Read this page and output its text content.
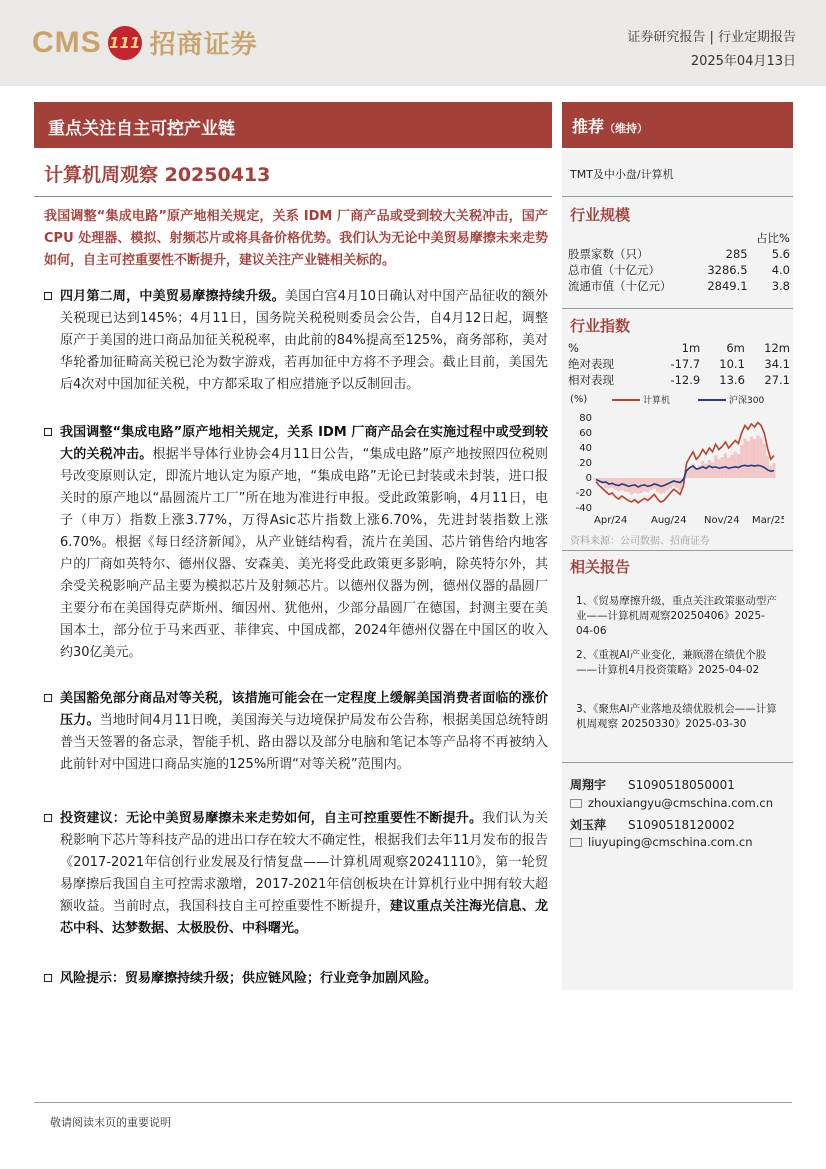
CMS 111 招商证券	证券研究报告 | 行业定期报告
2025年04月13日
重点关注自主可控产业链
计算机周观察 20250413
我国调整“集成电路”原产地相关规定，关系 IDM 厂商产品或受到较大关税冲击，国产 CPU 处理器、模拟、射频芯片或将具备价格优势。我们认为无论中美贸易摩擦未来走势如何，自主可控重要性不断提升，建议关注产业链相关标的。
四月第二周，中美贸易摩擦持续升级。美国白宫4月10日确认对中国产品征收的额外关税现已达到145%；4月11日，国务院关税税则委员会公告，自4月12日起，调整原产于美国的进口商品加征关税税率，由此前的84%提高至125%，商务部称，美对华轮番加征畸高关税已沦为数字游戏，若再加征中方将不予理会。截止目前，美国先后4次对中国加征关税，中方都采取了相应措施予以反制回击。
我国调整“集成电路”原产地相关规定，关系 IDM 厂商产品会在实施过程中或受到较大的关税冲击。根据半导体行业协会4月11日公告，“集成电路”原产地按照四位税则号改变原则认定，即流片地认定为原产地，“集成电路”无论已封装或未封装，进口报关时的原产地以“晶圆流片工厂”所在地为准进行申报。受此政策影响，4月11日，电子（申万）指数上涨3.77%，万得Asic芯片指数上涨6.70%，先进封装指数上涨6.70%。根据《每日经济新闻》，从产业链结构看，流片在美国、芯片销售给内地客户的厂商如英特尔、德州仪器、安森美、美光将受此政策更多影响，除英特尔外，其余受关税影响产品主要为模拟芯片及射频芯片。以德州仪器为例，德州仪器的晶圆厂主要分布在美国得克萨斯州、缅因州、犹他州，少部分晶圆厂在德国，封测主要在美国本土，部分位于马来西亚、菲律宾、中国成都，2024年德州仪器在中国区的收入约30亿美元。
美国豁免部分商品对等关税，该措施可能会在一定程度上缓解美国消费者面临的涨价压力。当地时间4月11日晚，美国海关与边境保护局发布公告称，根据美国总统特朗普当天签署的备忘录，智能手机、路由器以及部分电脑和笔记本等产品将不再被纳入此前针对中国进口商品实施的125%所谓“对等关税”范围内。
投资建议：无论中美贸易摩擦未来走势如何，自主可控重要性不断提升。我们认为关税影响下芯片等科技产品的进出口存在较大不确定性，根据我们去年11月发布的报告《2017-2021年信创行业发展及行情复盘——计算机周观察20241110》，第一轮贸易摩擦后我国自主可控需求激增，2017-2021年信创板块在计算机行业中拥有较大超额收益。当前时点，我国科技自主可控重要性不断提升，建议重点关注海光信息、龙芯中科、达梦数据、太极股份、中科曙光。
风险提示：贸易摩擦持续升级；供应链风险；行业竞争加剧风险。
推荐（维持）
TMT及中小盘/计算机
行业规模
		占比%
股票家数（只）	285	5.6
总市值（十亿元）	3286.5	4.0
流通市值（十亿元）	2849.1	3.8
行业指数
%	1m	6m	12m
绝对表现	-17.7	10.1	34.1
相对表现	-12.9	13.6	27.1
(%)	计算机	沪深300
-40
-20
0
20
40
60
80
Apr/24 Aug/24 Nov/24 Mar/25
资料来源：公司数据、招商证券
相关报告
1、《贸易摩擦升级，重点关注政策驱动型产业——计算机周观察20250406》2025-04-06
2、《重视AI产业变化，兼顾潜在绩优个股——计算机4月投资策略》2025-04-02
3、《聚焦AI产业落地及绩优股机会——计算机周观察 20250330》2025-03-30
周翔宇 S1090518050001
zhouxiangyu@cmschina.com.cn
刘玉萍 S1090518120002
liuyuping@cmschina.com.cn
敬请阅读末页的重要说明
